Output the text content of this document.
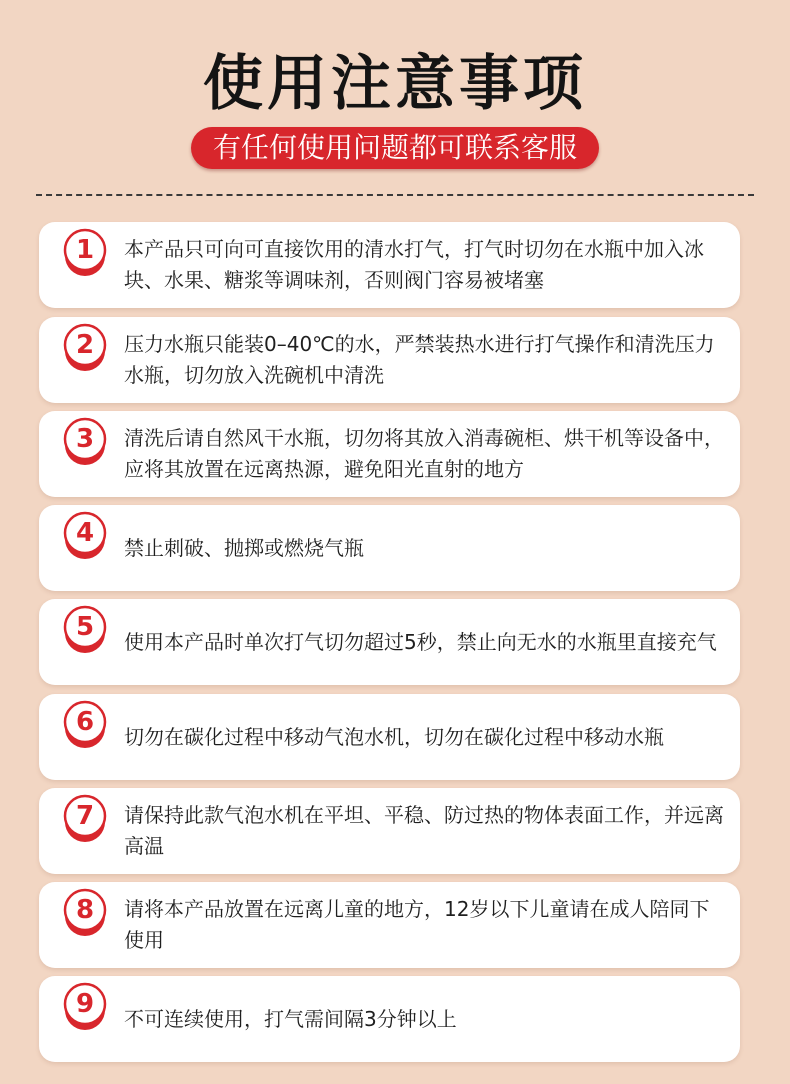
使用注意事项
有任何使用问题都可联系客服
1	本产品只可向可直接饮用的清水打气，打气时切勿在水瓶中加入冰块、水果、糖浆等调味剂，否则阀门容易被堵塞
2	压力水瓶只能装0–40℃的水，严禁装热水进行打气操作和清洗压力水瓶，切勿放入洗碗机中清洗
3	清洗后请自然风干水瓶，切勿将其放入消毒碗柜、烘干机等设备中，应将其放置在远离热源，避免阳光直射的地方
4	禁止刺破、抛掷或燃烧气瓶
5	使用本产品时单次打气切勿超过5秒，禁止向无水的水瓶里直接充气
6	切勿在碳化过程中移动气泡水机，切勿在碳化过程中移动水瓶
7	请保持此款气泡水机在平坦、平稳、防过热的物体表面工作，并远离高温
8	请将本产品放置在远离儿童的地方，12岁以下儿童请在成人陪同下使用
9	不可连续使用，打气需间隔3分钟以上
